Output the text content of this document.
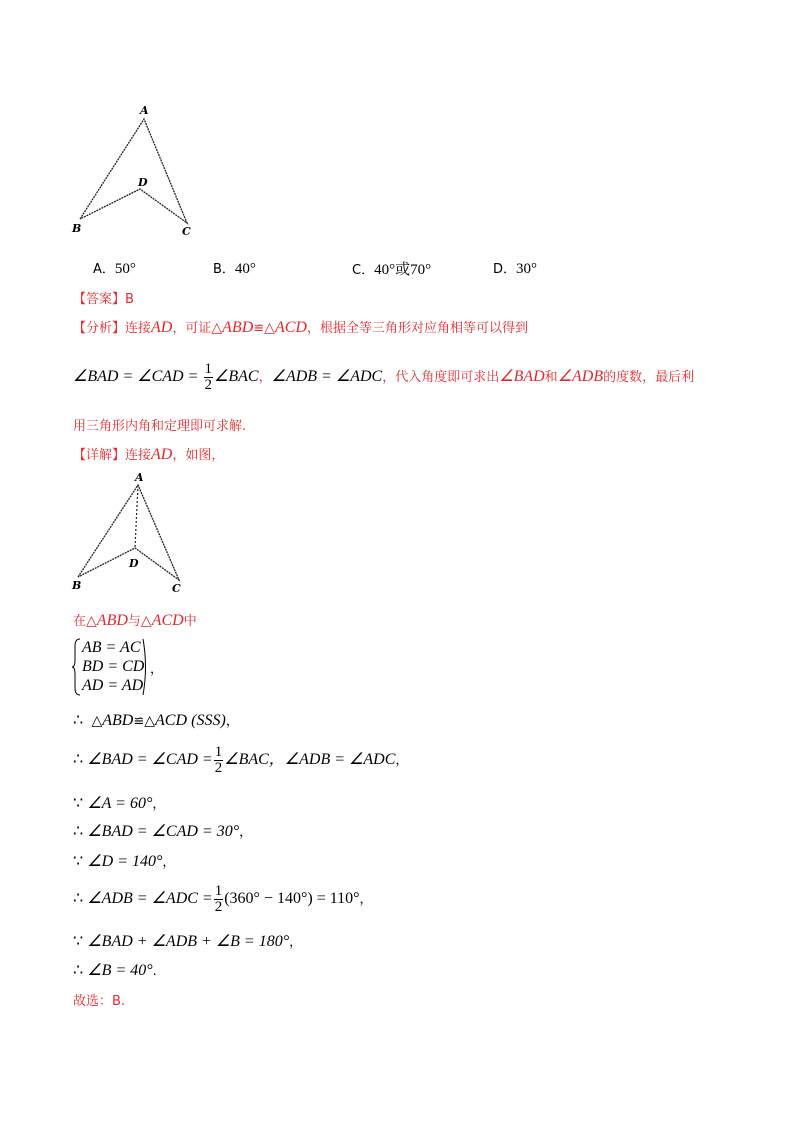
A
B	C
D
A．50°	B．40°	C．40°或70°	D．30°
【答案】B
【分析】连接AD，可证△ABD≌△ACD，根据全等三角形对应角相等可以得到
∠BAD = ∠CAD = $\frac{1}{2}$ ∠BAC，∠ADB = ∠ADC，代入角度即可求出∠BAD和∠ADB的度数，最后利
用三角形内角和定理即可求解.
【详解】连接AD，如图，
A
B	C
D
在△ABD与△ACD中
AB = AC
BD = CD
AD = AD
，
∴ △ABD≌△ACD (SSS)，
∴ ∠BAD = ∠CAD = $\frac{1}{2}$ ∠BAC，∠ADB = ∠ADC，
∵ ∠A = 60°，
∴ ∠BAD = ∠CAD = 30°，
∵ ∠D = 140°，
∴ ∠ADB = ∠ADC = $\frac{1}{2} (360^\circ - 140^\circ) = 110^\circ$，
∵ ∠BAD + ∠ADB + ∠B = 180°，
∴ ∠B = 40°.
故选：B.
